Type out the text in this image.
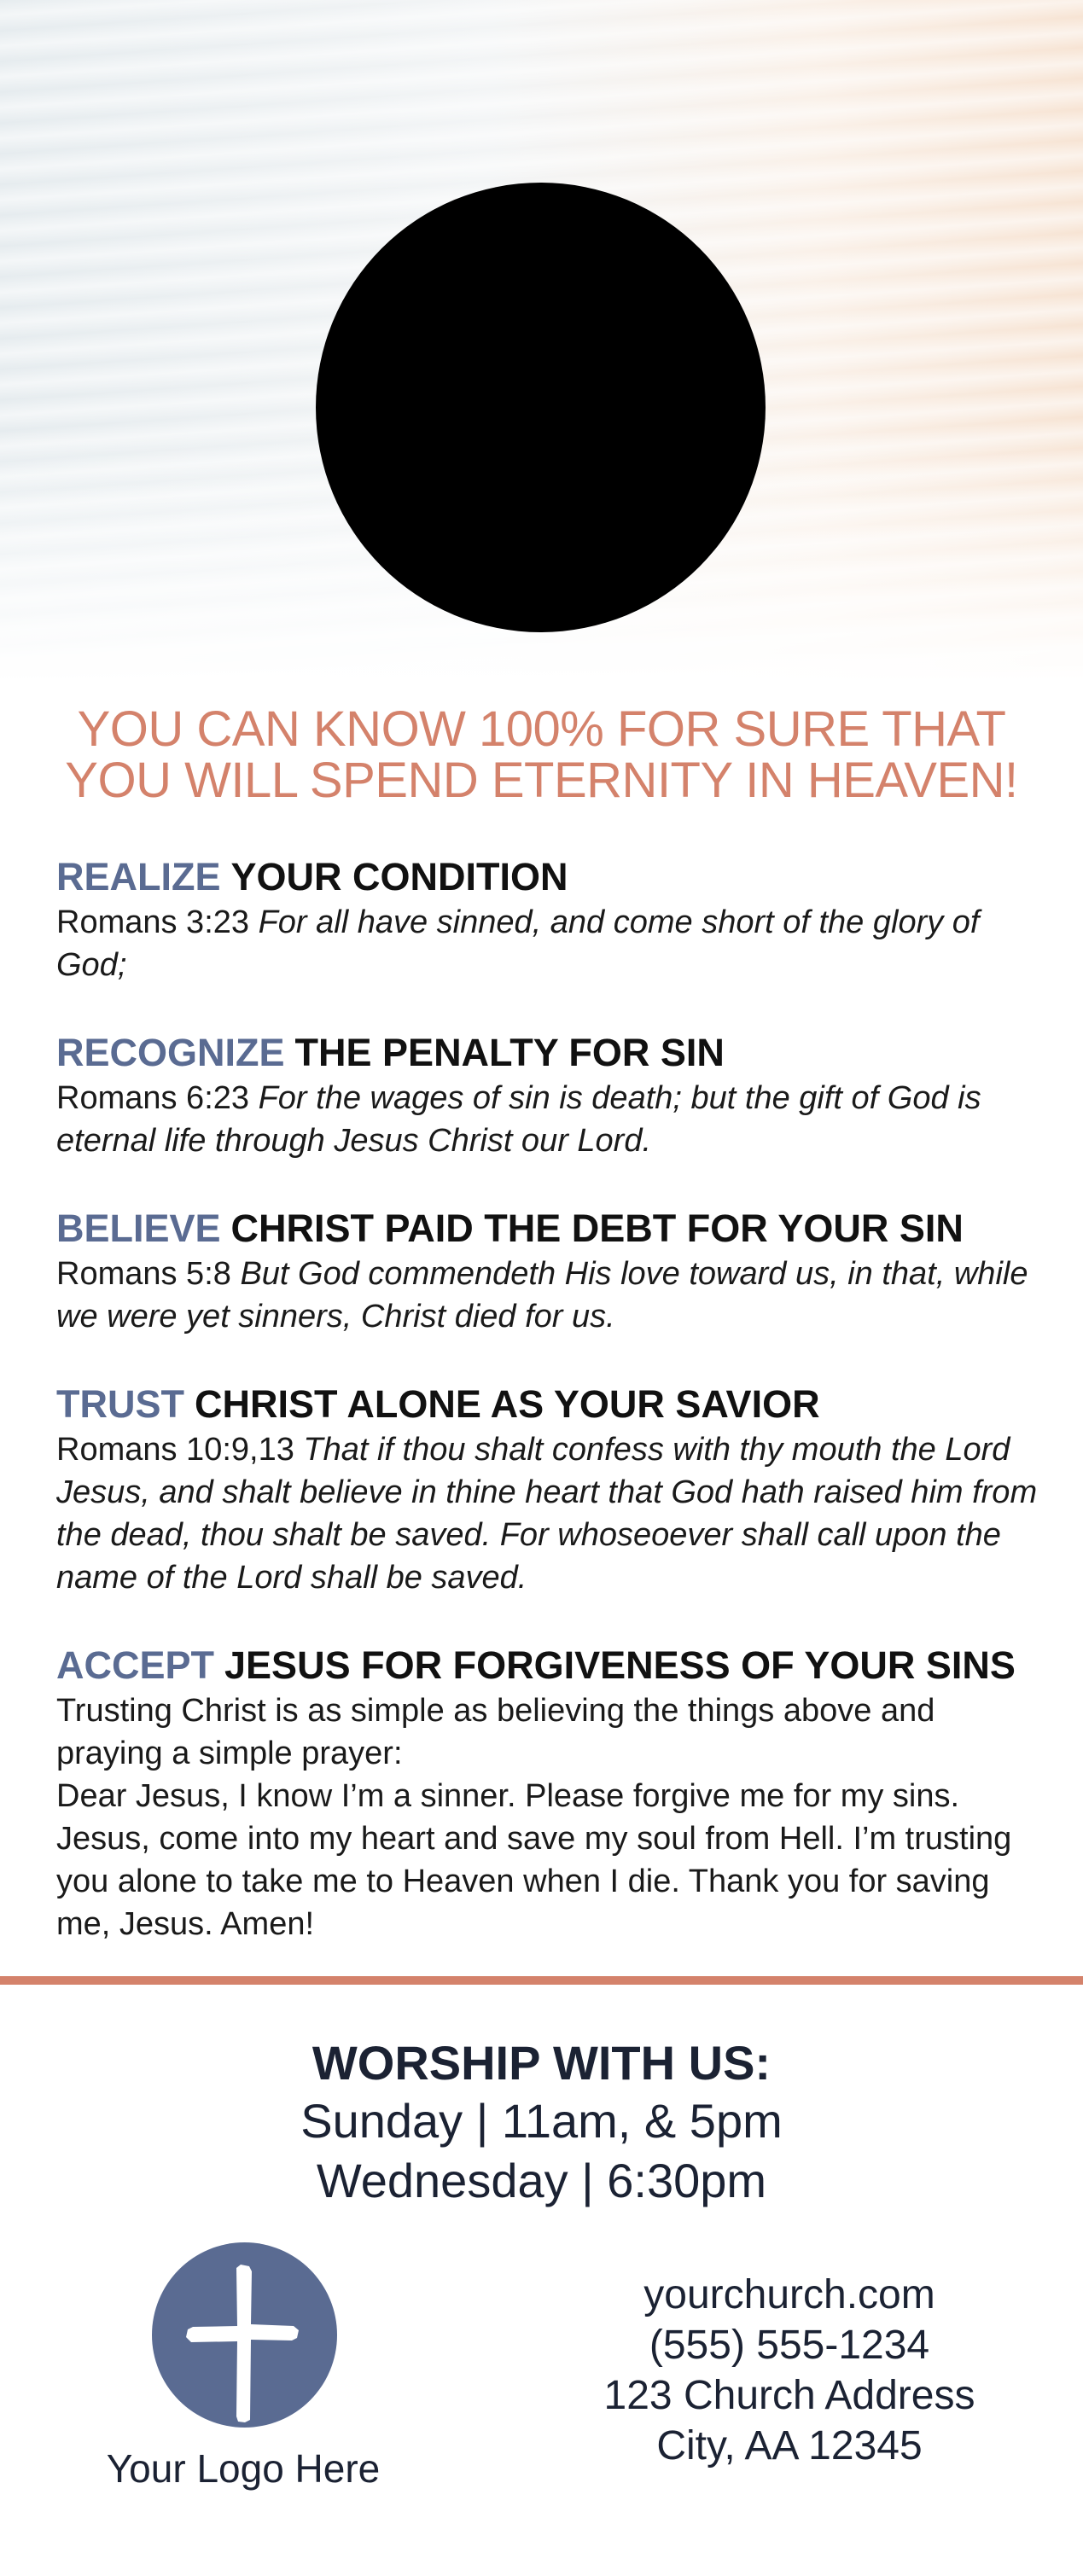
YOU CAN KNOW 100% FOR SURE THAT
YOU WILL SPEND ETERNITY IN HEAVEN!
REALIZE YOUR CONDITION
Romans 3:23 For all have sinned, and come short of the glory of God;
RECOGNIZE THE PENALTY FOR SIN
Romans 6:23 For the wages of sin is death; but the gift of God is eternal life through Jesus Christ our Lord.
BELIEVE CHRIST PAID THE DEBT FOR YOUR SIN
Romans 5:8 But God commendeth His love toward us, in that, while we were yet sinners, Christ died for us.
TRUST CHRIST ALONE AS YOUR SAVIOR
Romans 10:9,13 That if thou shalt confess with thy mouth the Lord Jesus, and shalt believe in thine heart that God hath raised him from the dead, thou shalt be saved. For whoseoever shall call upon the name of the Lord shall be saved.
ACCEPT JESUS FOR FORGIVENESS OF YOUR SINS
Trusting Christ is as simple as believing the things above and praying a simple prayer:
Dear Jesus, I know I’m a sinner. Please forgive me for my sins. Jesus, come into my heart and save my soul from Hell. I’m trusting you alone to take me to Heaven when I die. Thank you for saving me, Jesus. Amen!
WORSHIP WITH US:
Sunday | 11am, & 5pm
Wednesday | 6:30pm
Your Logo Here
yourchurch.com
(555) 555-1234
123 Church Address
City, AA 12345
